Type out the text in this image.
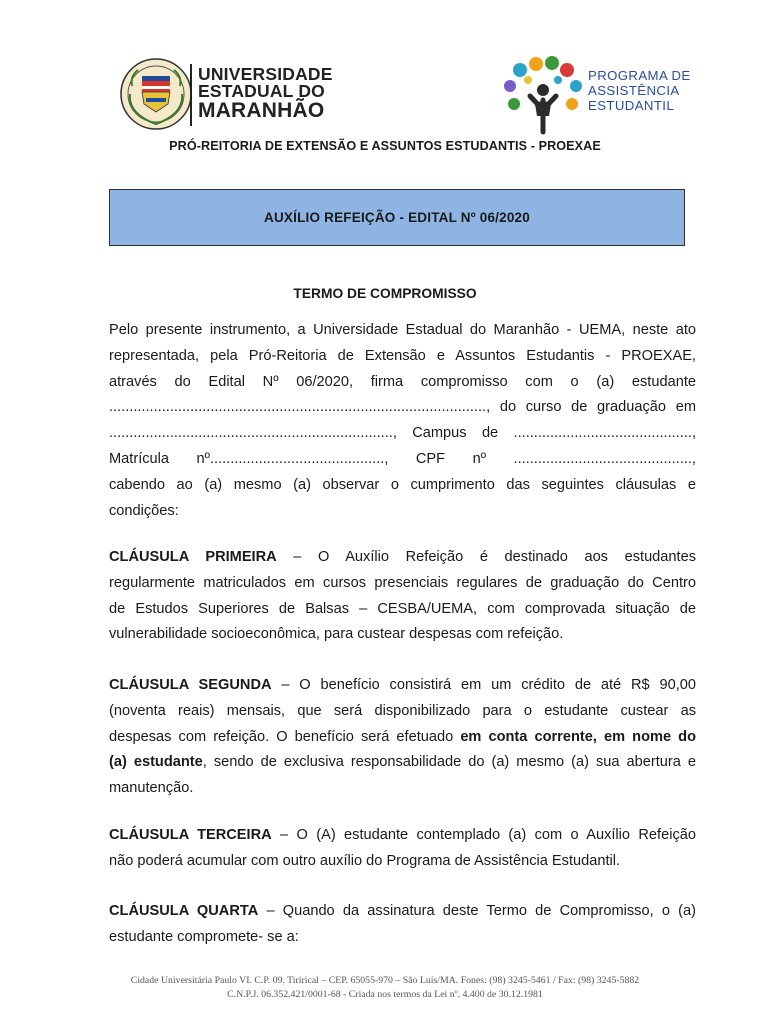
UNIVERSIDADE
ESTADUAL DO
MARANHÃO
PROGRAMA DE
ASSISTÊNCIA
ESTUDANTIL
PRÓ-REITORIA DE EXTENSÃO E ASSUNTOS ESTUDANTIS - PROEXAE
AUXÍLIO REFEIÇÃO - EDITAL Nº 06/2020
TERMO DE COMPROMISSO
Pelo presente instrumento, a Universidade Estadual do Maranhão - UEMA, neste ato
representada, pela Pró-Reitoria de Extensão e Assuntos Estudantis - PROEXAE,
através do Edital Nº 06/2020, firma compromisso com o (a) estudante
............................................................................................., do curso de graduação em
......................................................................, Campus de ............................................,
Matrícula nº..........................................., CPF nº ............................................,
cabendo ao (a) mesmo (a) observar o cumprimento das seguintes cláusulas e
condições:
CLÁUSULA PRIMEIRA – O Auxílio Refeição é destinado aos estudantes
regularmente matriculados em cursos presenciais regulares de graduação do Centro
de Estudos Superiores de Balsas – CESBA/UEMA, com comprovada situação de
vulnerabilidade socioeconômica, para custear despesas com refeição.
CLÁUSULA SEGUNDA – O benefício consistirá em um crédito de até R$ 90,00
(noventa reais) mensais, que será disponibilizado para o estudante custear as
despesas com refeição. O benefício será efetuado em conta corrente, em nome do
(a) estudante, sendo de exclusiva responsabilidade do (a) mesmo (a) sua abertura e
manutenção.
CLÁUSULA TERCEIRA – O (A) estudante contemplado (a) com o Auxílio Refeição
não poderá acumular com outro auxílio do Programa de Assistência Estudantil.
CLÁUSULA QUARTA – Quando da assinatura deste Termo de Compromisso, o (a)
estudante compromete- se a:
Cidade Universitária Paulo VI. C.P. 09. Tirirical – CEP. 65055-970 – São Luís/MA. Fones: (98) 3245-5461 / Fax: (98) 3245-5882
C.N.P.J. 06.352.421/0001-68 - Criada nos termos da Lei nº. 4.400 de 30.12.1981
